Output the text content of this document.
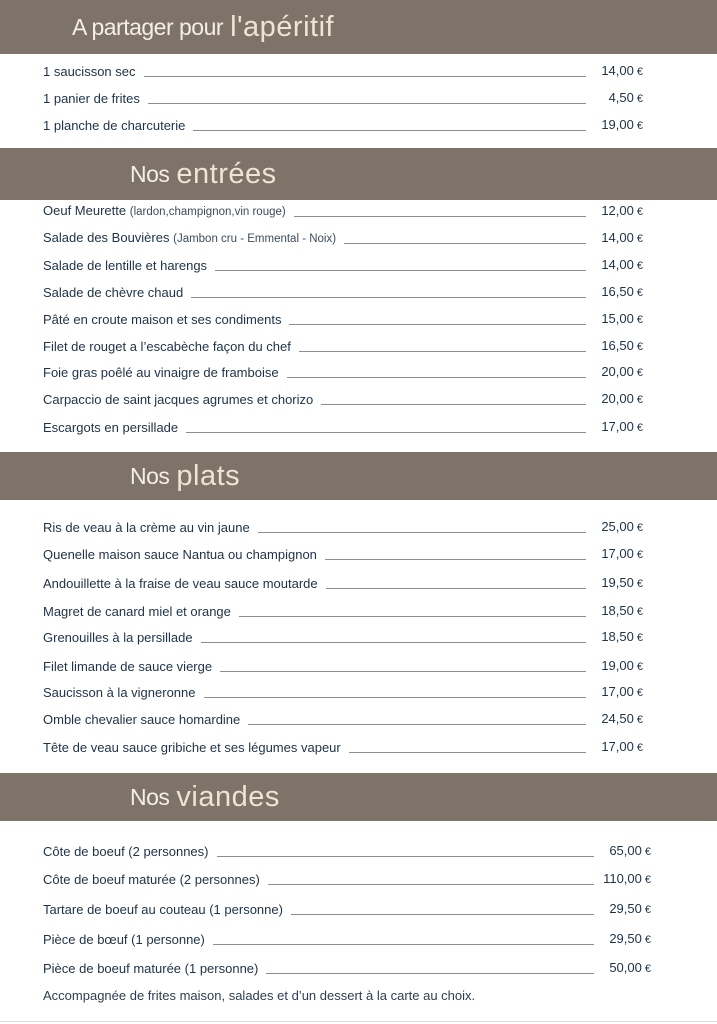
A partager pour l'apéritif
1 saucisson sec	14,00 €
1 panier de frites	4,50 €
1 planche de charcuterie	19,00 €
Nos entrées
Oeuf Meurette (lardon,champignon,vin rouge)	12,00 €
Salade des Bouvières (Jambon cru - Emmental - Noix)	14,00 €
Salade de lentille et harengs	14,00 €
Salade de chèvre chaud	16,50 €
Pâté en croute maison et ses condiments	15,00 €
Filet de rouget a l’escabèche façon du chef	16,50 €
Foie gras poêlé au vinaigre de framboise	20,00 €
Carpaccio de saint jacques agrumes et chorizo	20,00 €
Escargots en persillade	17,00 €
Nos plats
Ris de veau à la crème au vin jaune	25,00 €
Quenelle maison sauce Nantua ou champignon	17,00 €
Andouillette à la fraise de veau sauce moutarde	19,50 €
Magret de canard miel et orange	18,50 €
Grenouilles à la persillade	18,50 €
Filet limande de sauce vierge	19,00 €
Saucisson à la vigneronne	17,00 €
Omble chevalier sauce homardine	24,50 €
Tête de veau sauce gribiche et ses légumes vapeur	17,00 €
Nos viandes
Côte de boeuf (2 personnes)	65,00 €
Côte de boeuf maturée (2 personnes)	110,00 €
Tartare de boeuf au couteau (1 personne)	29,50 €
Pièce de bœuf (1 personne)	29,50 €
Pièce de boeuf maturée (1 personne)	50,00 €
Accompagnée de frites maison, salades et d’un dessert à la carte au choix.
